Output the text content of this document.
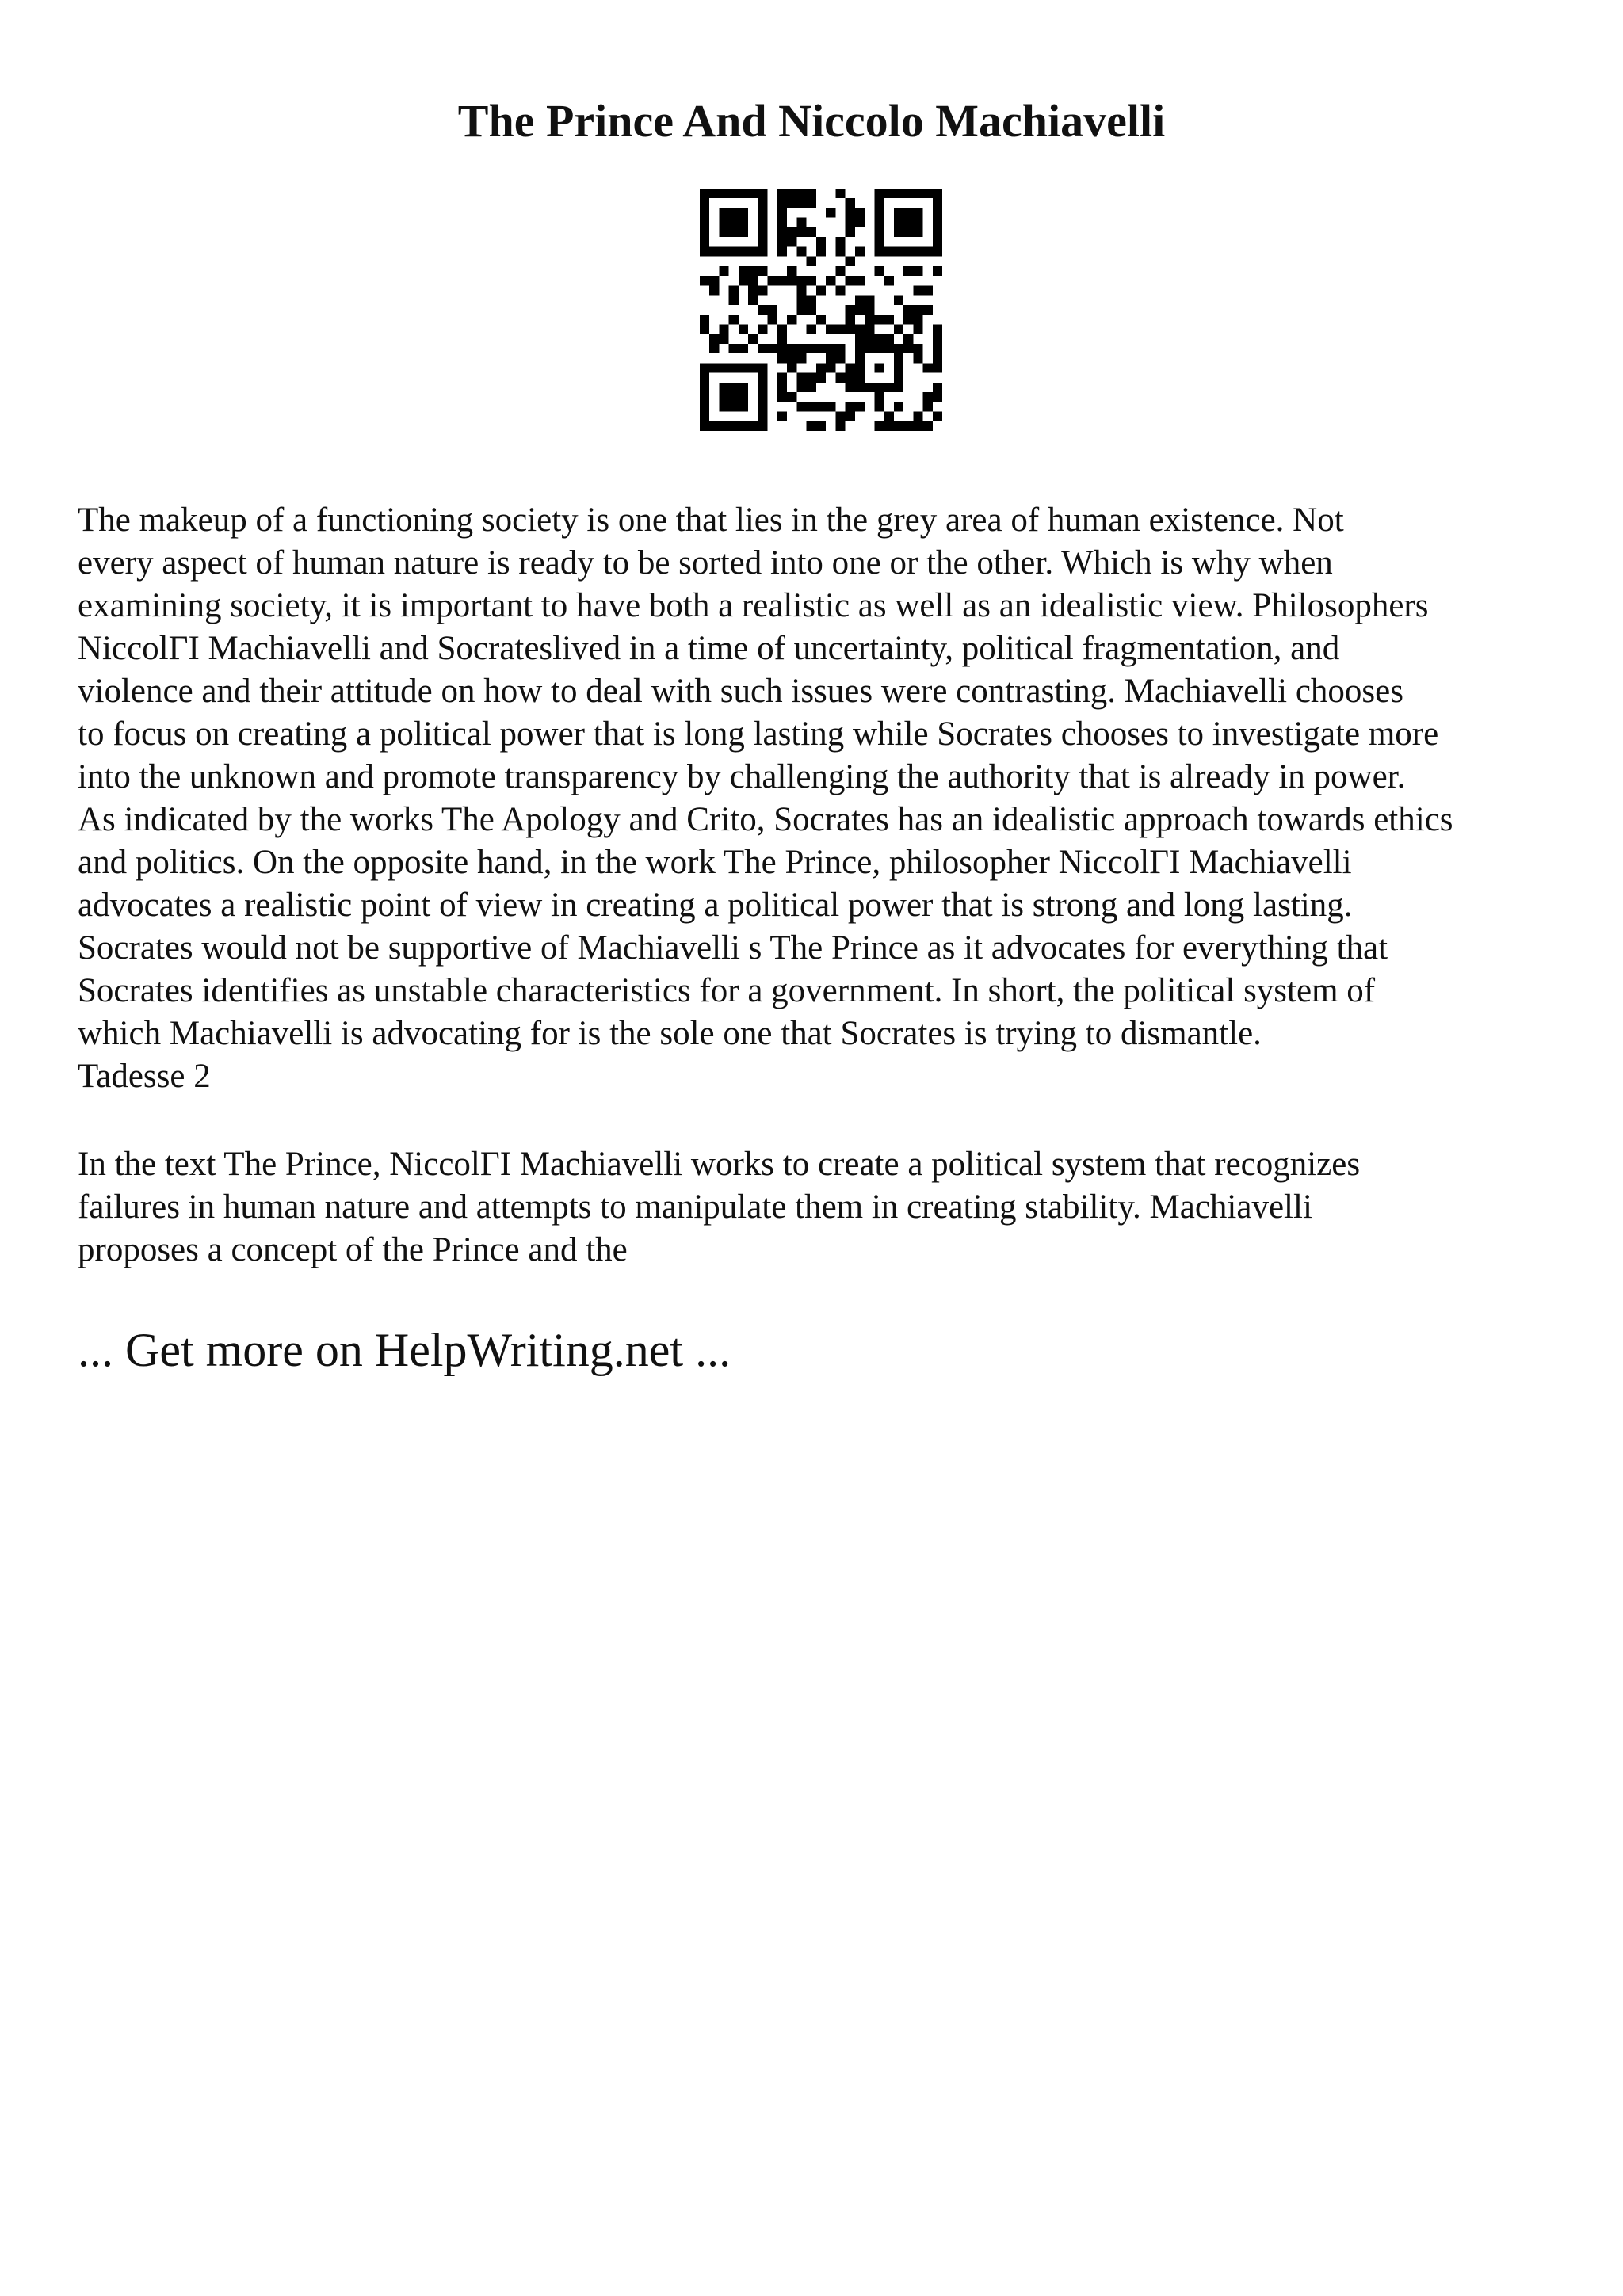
The Prince And Niccolo Machiavelli
The makeup of a functioning society is one that lies in the grey area of human existence. Not
every aspect of human nature is ready to be sorted into one or the other. Which is why when
examining society, it is important to have both a realistic as well as an idealistic view. Philosophers
NiccolΓI Machiavelli and Socrateslived in a time of uncertainty, political fragmentation, and
violence and their attitude on how to deal with such issues were contrasting. Machiavelli chooses
to focus on creating a political power that is long lasting while Socrates chooses to investigate more
into the unknown and promote transparency by challenging the authority that is already in power.
As indicated by the works The Apology and Crito, Socrates has an idealistic approach towards ethics
and politics. On the opposite hand, in the work The Prince, philosopher NiccolΓI Machiavelli
advocates a realistic point of view in creating a political power that is strong and long lasting.
Socrates would not be supportive of Machiavelli s The Prince as it advocates for everything that
Socrates identifies as unstable characteristics for a government. In short, the political system of
which Machiavelli is advocating for is the sole one that Socrates is trying to dismantle.
Tadesse 2
In the text The Prince, NiccolΓI Machiavelli works to create a political system that recognizes
failures in human nature and attempts to manipulate them in creating stability. Machiavelli
proposes a concept of the Prince and the

... Get more on HelpWriting.net ...
